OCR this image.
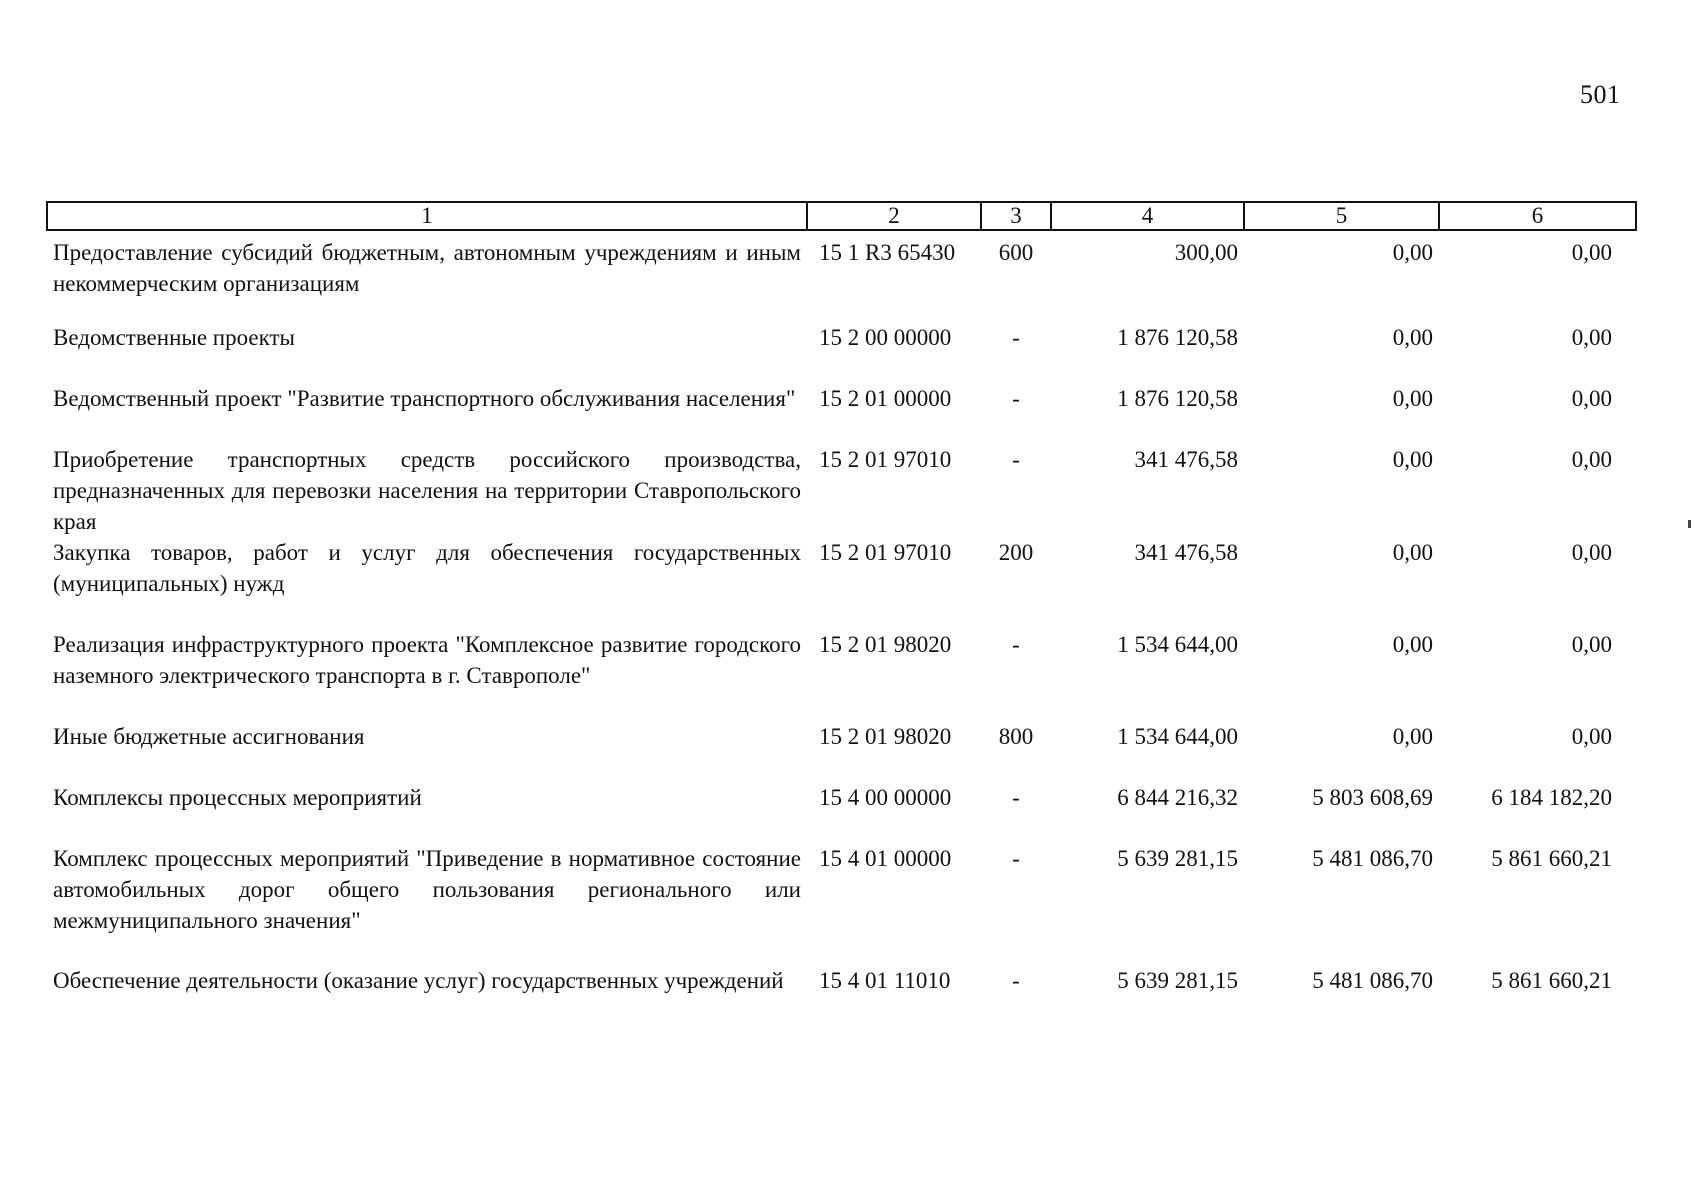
501
1	2	3	4	5	6
Предоставление субсидий бюджетным, автономным учреждениям и иным некоммерческим организациям	15 1 R3 65430	600	300,00	0,00	0,00
Ведомственные проекты	15 2 00 00000	-	1 876 120,58	0,00	0,00
Ведомственный проект "Развитие транспортного обслуживания населения"	15 2 01 00000	-	1 876 120,58	0,00	0,00
Приобретение транспортных средств российского производства, предназначенных для перевозки населения на территории Ставропольского края	15 2 01 97010	-	341 476,58	0,00	0,00
Закупка товаров, работ и услуг для обеспечения государственных (муниципальных) нужд	15 2 01 97010	200	341 476,58	0,00	0,00
Реализация инфраструктурного проекта "Комплексное развитие городского наземного электрического транспорта в г. Ставрополе"	15 2 01 98020	-	1 534 644,00	0,00	0,00
Иные бюджетные ассигнования	15 2 01 98020	800	1 534 644,00	0,00	0,00
Комплексы процессных мероприятий	15 4 00 00000	-	6 844 216,32	5 803 608,69	6 184 182,20
Комплекс процессных мероприятий "Приведение в нормативное состояние автомобильных дорог общего пользования регионального или межмуниципального значения"	15 4 01 00000	-	5 639 281,15	5 481 086,70	5 861 660,21
Обеспечение деятельности (оказание услуг) государственных учреждений	15 4 01 11010	-	5 639 281,15	5 481 086,70	5 861 660,21
